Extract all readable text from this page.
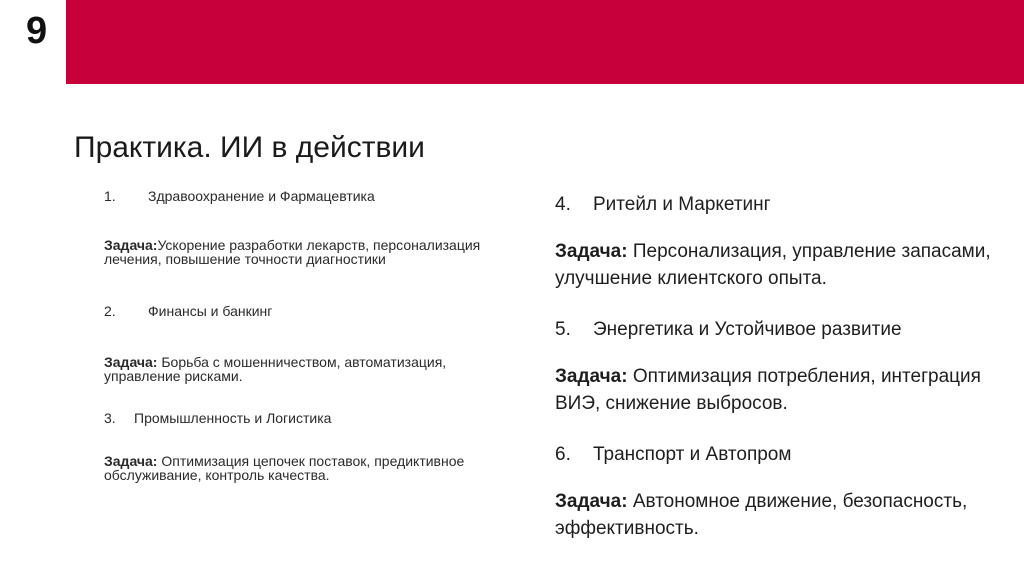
9
Практика. ИИ в действии
1. Здравоохранение и Фармацевтика
Задача:Ускорение разработки лекарств, персонализация лечения, повышение точности диагностики
2. Финансы и банкинг
Задача: Борьба с мошенничеством, автоматизация, управление рисками.
3. Промышленность и Логистика
Задача: Оптимизация цепочек поставок, предиктивное обслуживание, контроль качества.
4. Ритейл и Маркетинг
Задача: Персонализация, управление запасами, улучшение клиентского опыта.
5. Энергетика и Устойчивое развитие
Задача: Оптимизация потребления, интеграция ВИЭ, снижение выбросов.
6. Транспорт и Автопром
Задача: Автономное движение, безопасность, эффективность.
